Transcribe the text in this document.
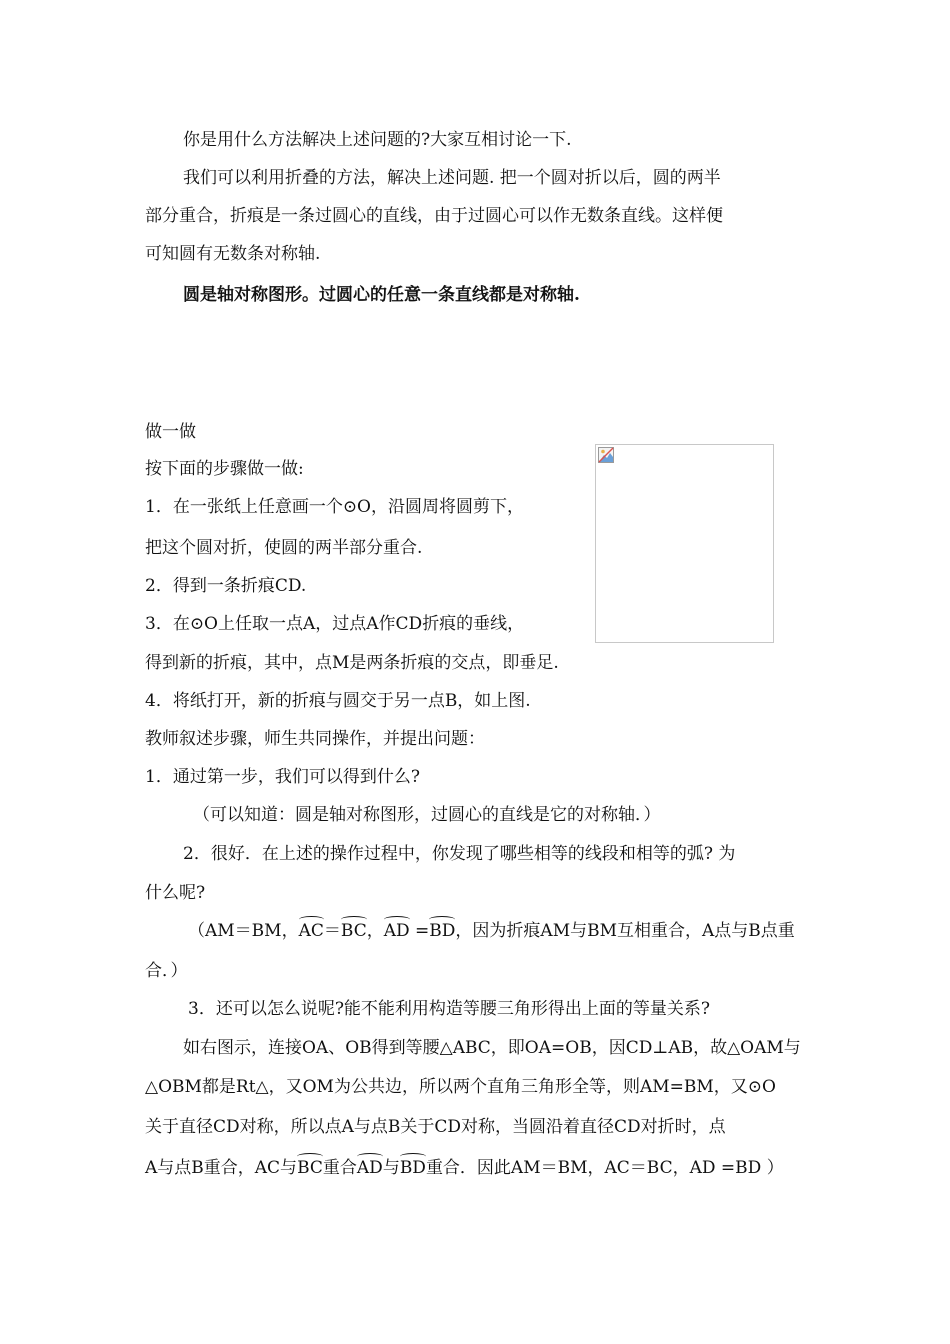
你是用什么方法解决上述问题的?大家互相讨论一下.
我们可以利用折叠的方法，解决上述问题. 把一个圆对折以后，圆的两半
部分重合，折痕是一条过圆心的直线，由于过圆心可以作无数条直线。这样便
可知圆有无数条对称轴.
圆是轴对称图形。过圆心的任意一条直线都是对称轴.
做一做
按下面的步骤做一做:
1．在一张纸上任意画一个⊙O，沿圆周将圆剪下，
把这个圆对折，使圆的两半部分重合.
2．得到一条折痕CD.
3．在⊙O上任取一点A，过点A作CD折痕的垂线，
得到新的折痕，其中，点M是两条折痕的交点，即垂足.
4．将纸打开，新的折痕与圆交于另一点B，如上图.
教师叙述步骤，师生共同操作，并提出问题：
1．通过第一步，我们可以得到什么?
（可以知道：圆是轴对称图形，过圆心的直线是它的对称轴．）
2．很好．在上述的操作过程中，你发现了哪些相等的线段和相等的弧? 为
什么呢?
（AM＝BM，AC＝BC，AD =BD，因为折痕AM与BM互相重合，A点与B点重
合．）
3．还可以怎么说呢?能不能利用构造等腰三角形得出上面的等量关系?
如右图示，连接OA、OB得到等腰△ABC，即OA=OB，因CD⊥AB，故△OAM与
△OBM都是Rt△，又OM为公共边，所以两个直角三角形全等，则AM=BM，又⊙O
关于直径CD对称，所以点A与点B关于CD对称，当圆沿着直径CD对折时，点
A与点B重合，AC与BC重合AD与BD重合．因此AM＝BM，AC＝BC，AD =BD ）
